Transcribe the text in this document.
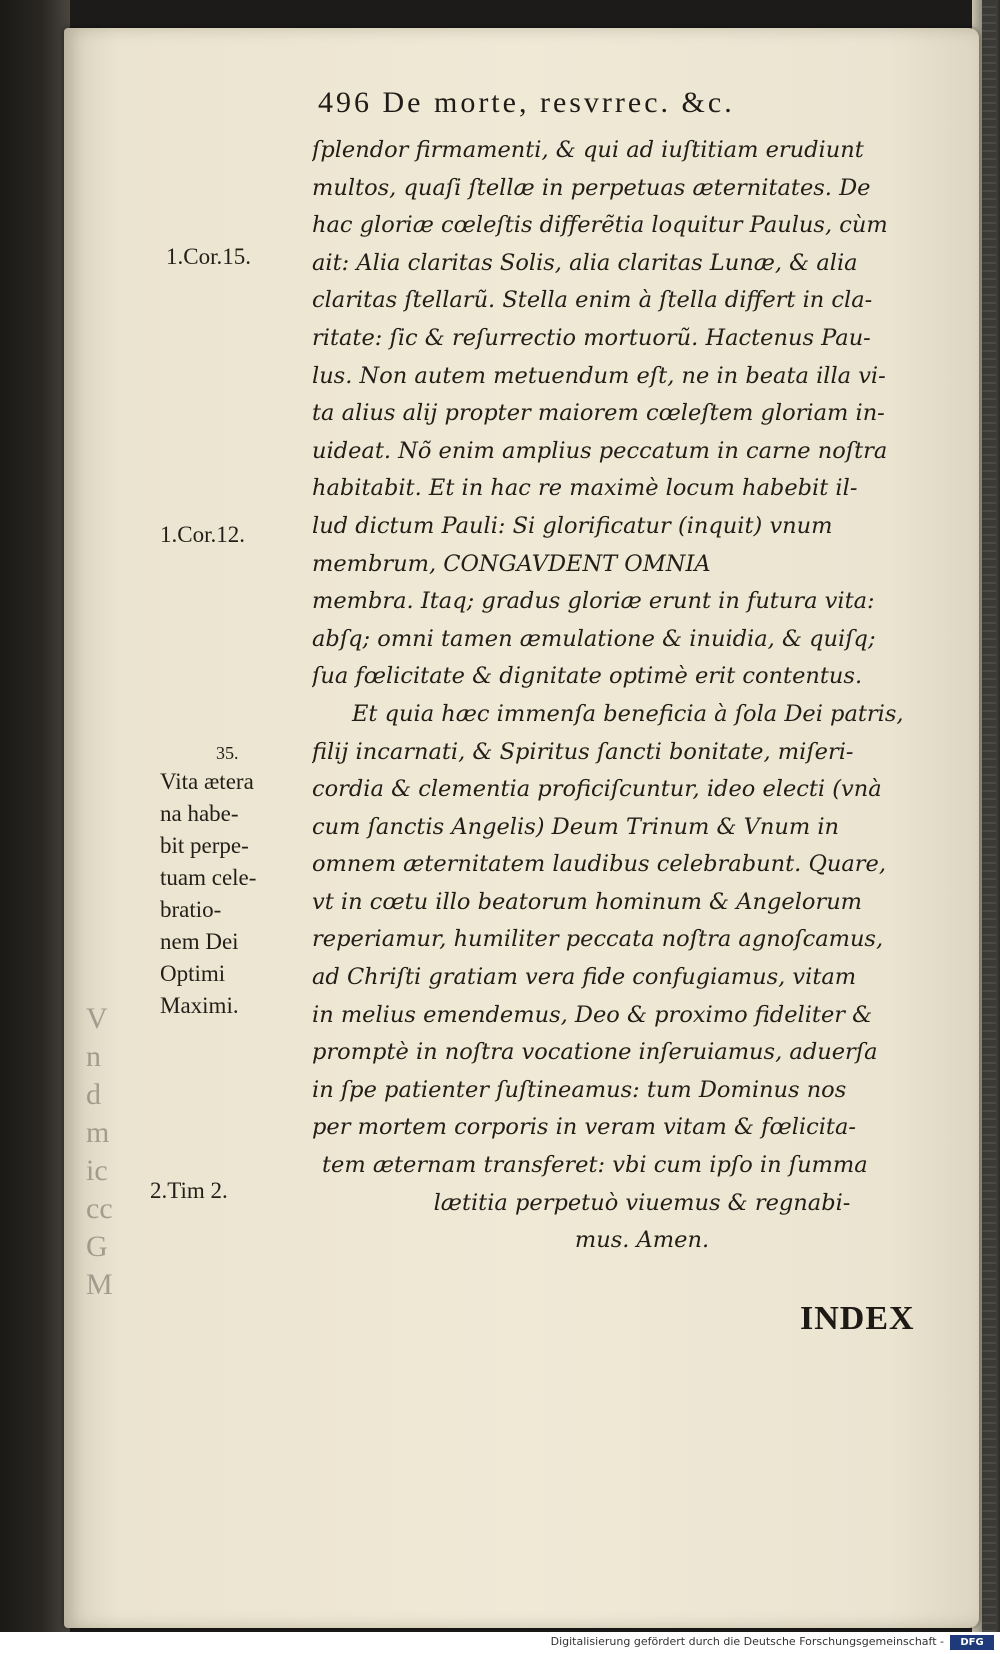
V
n
d
m
ic
cc
G
M
496 De morte, resvrrec. &c.
1.Cor.15.
1.Cor.12.
2.Tim 2.
35.
Vita ætera
na habe-
bit perpe-
tuam cele-
bratio-
nem Dei
Optimi
Maximi.
ſplendor firmamenti, & qui ad iuſtitiam erudiunt
multos, quaſi ſtellæ in perpetuas æternitates. De
hac gloriæ cœleſtis differẽtia loquitur Paulus, cùm
ait: Alia claritas Solis, alia claritas Lunæ, & alia
claritas ſtellarũ. Stella enim à ſtella differt in cla-
ritate: ſic & reſurrectio mortuorũ. Hactenus Pau-
lus. Non autem metuendum eſt, ne in beata illa vi-
ta alius alij propter maiorem cœleſtem gloriam in-
uideat. Nõ enim amplius peccatum in carne noſtra
habitabit. Et in hac re maximè locum habebit il-
lud dictum Pauli: Si glorificatur (inquit) vnum
membrum, CONGAVDENT OMNIA
membra. Itaq; gradus gloriæ erunt in futura vita:
abſq; omni tamen æmulatione & inuidia, & quiſq;
ſua fœlicitate & dignitate optimè erit contentus.
Et quia hæc immenſa beneficia à ſola Dei patris,
filij incarnati, & Spiritus ſancti bonitate, miſeri-
cordia & clementia proficiſcuntur, ideo electi (vnà
cum ſanctis Angelis) Deum Trinum & Vnum in
omnem æternitatem laudibus celebrabunt. Quare,
vt in cœtu illo beatorum hominum & Angelorum
reperiamur, humiliter peccata noſtra agnoſcamus,
ad Chriſti gratiam vera fide confugiamus, vitam
in melius emendemus, Deo & proximo fideliter &
promptè in noſtra vocatione inſeruiamus, aduerſa
in ſpe patienter ſuſtineamus: tum Dominus nos
per mortem corporis in veram vitam & fœlicita-
tem æternam transferet: vbi cum ipſo in ſumma
lætitia perpetuò viuemus & regnabi-
mus. Amen.
INDEX
Digitalisierung gefördert durch die Deutsche Forschungsgemeinschaft -	DFG
